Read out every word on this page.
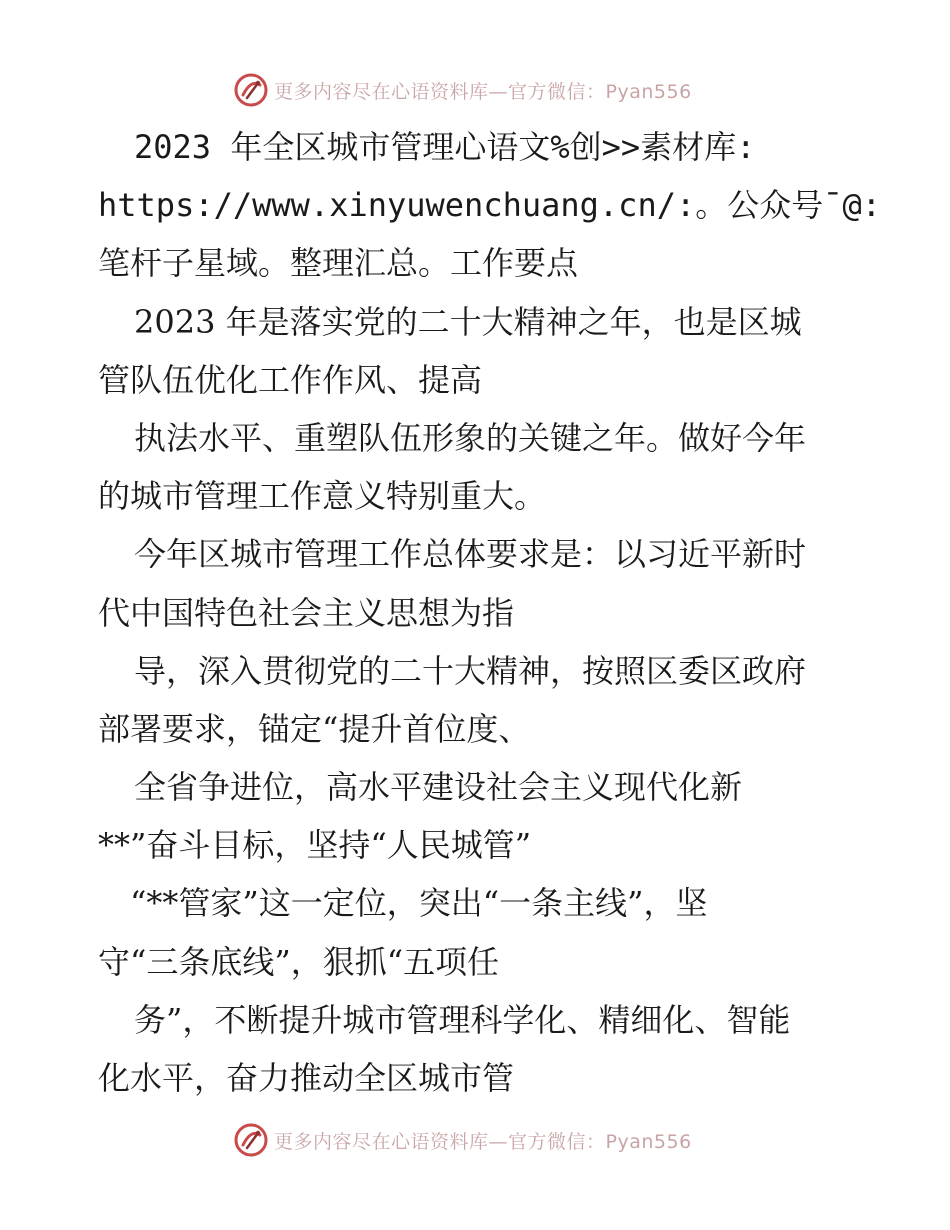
更多内容尽在心语资料库—官方微信：Pyan556
2023 年全区城市管理心语文%创>>素材库:
https://www.xinyuwenchuang.cn/:。公众号¯@:
笔杆子星域。整理汇总。工作要点
2023 年是落实党的二十大精神之年，也是区城
管队伍优化工作作风、提高
执法水平、重塑队伍形象的关键之年。做好今年
的城市管理工作意义特别重大。
今年区城市管理工作总体要求是：以习近平新时
代中国特色社会主义思想为指
导，深入贯彻党的二十大精神，按照区委区政府
部署要求，锚定“提升首位度、
全省争进位，高水平建设社会主义现代化新
**”奋斗目标，坚持“人民城管”
“**管家”这一定位，突出“一条主线”，坚
守“三条底线”，狠抓“五项任
务”，不断提升城市管理科学化、精细化、智能
化水平，奋力推动全区城市管
更多内容尽在心语资料库—官方微信：Pyan556
